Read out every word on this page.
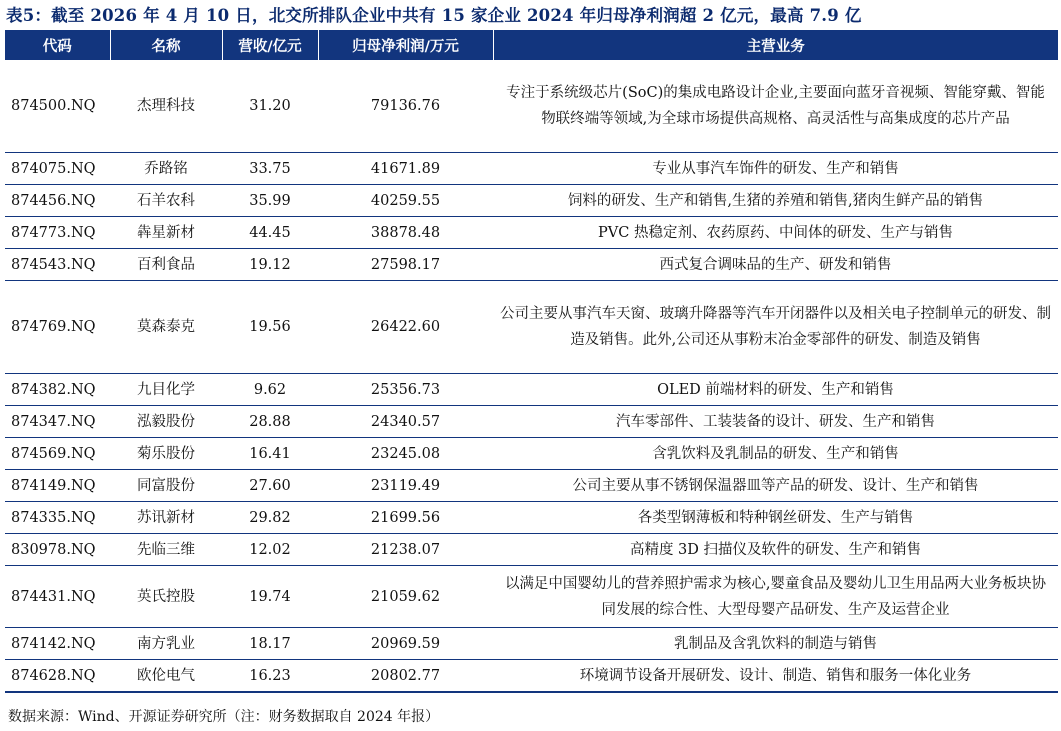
表5：截至 2026 年 4 月 10 日，北交所排队企业中共有 15 家企业 2024 年归母净利润超 2 亿元，最高 7.9 亿
代码	名称	营收/亿元	归母净利润/万元	主营业务
874500.NQ	杰理科技	31.20	79136.76	专注于系统级芯片(SoC)的集成电路设计企业,主要面向蓝牙音视频、智能穿戴、智能物联终端等领域,为全球市场提供高规格、高灵活性与高集成度的芯片产品
874075.NQ	乔路铭	33.75	41671.89	专业从事汽车饰件的研发、生产和销售
874456.NQ	石羊农科	35.99	40259.55	饲料的研发、生产和销售,生猪的养殖和销售,猪肉生鲜产品的销售
874773.NQ	犇星新材	44.45	38878.48	PVC 热稳定剂、农药原药、中间体的研发、生产与销售
874543.NQ	百利食品	19.12	27598.17	西式复合调味品的生产、研发和销售
874769.NQ	莫森泰克	19.56	26422.60	公司主要从事汽车天窗、玻璃升降器等汽车开闭器件以及相关电子控制单元的研发、制造及销售。此外,公司还从事粉末冶金零部件的研发、制造及销售
874382.NQ	九目化学	9.62	25356.73	OLED 前端材料的研发、生产和销售
874347.NQ	泓毅股份	28.88	24340.57	汽车零部件、工装装备的设计、研发、生产和销售
874569.NQ	菊乐股份	16.41	23245.08	含乳饮料及乳制品的研发、生产和销售
874149.NQ	同富股份	27.60	23119.49	公司主要从事不锈钢保温器皿等产品的研发、设计、生产和销售
874335.NQ	苏讯新材	29.82	21699.56	各类型钢薄板和特种钢丝研发、生产与销售
830978.NQ	先临三维	12.02	21238.07	高精度 3D 扫描仪及软件的研发、生产和销售
874431.NQ	英氏控股	19.74	21059.62	以满足中国婴幼儿的营养照护需求为核心,婴童食品及婴幼儿卫生用品两大业务板块协同发展的综合性、大型母婴产品研发、生产及运营企业
874142.NQ	南方乳业	18.17	20969.59	乳制品及含乳饮料的制造与销售
874628.NQ	欧伦电气	16.23	20802.77	环境调节设备开展研发、设计、制造、销售和服务一体化业务
数据来源：Wind、开源证券研究所（注：财务数据取自 2024 年报）
